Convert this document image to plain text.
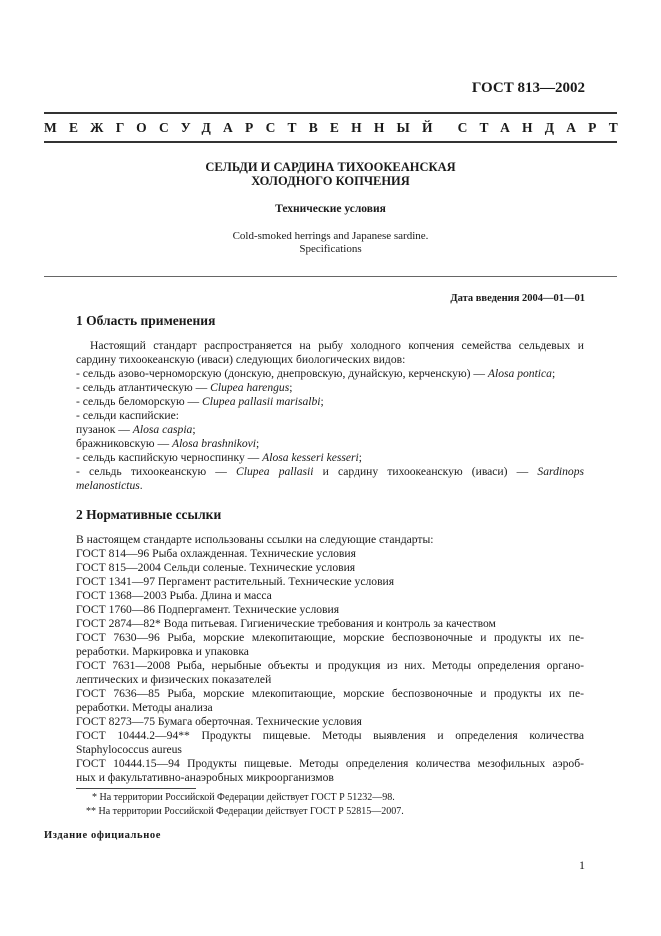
ГОСТ 813—2002
МЕЖГОСУДАРСТВЕННЫЙ СТАНДАРТ
СЕЛЬДИ И САРДИНА ТИХООКЕАНСКАЯ
ХОЛОДНОГО КОПЧЕНИЯ
Технические условия
Cold-smoked herrings and Japanese sardine.
Specifications
Дата введения 2004—01—01
1 Область применения
Настоящий стандарт распространяется на рыбу холодного копчения семейства сельдевых и
сардину тихоокеанскую (иваси) следующих биологических видов:
- сельдь азово-черноморскую (донскую, днепровскую, дунайскую, керченскую) — Alosa pontica;
- сельдь атлантическую — Clupea harengus;
- сельдь беломорскую — Clupea pallasii marisalbi;
- сельди каспийские:
пузанок — Alosa caspia;
бражниковскую — Alosa brashnikovi;
- сельдь каспийскую черноспинку — Alosa kesseri kesseri;
- сельдь тихоокеанскую — Clupea pallasii и сардину тихоокеанскую (иваси) — Sardinops
melanostictus.
2 Нормативные ссылки
В настоящем стандарте использованы ссылки на следующие стандарты:
ГОСТ 814—96 Рыба охлажденная. Технические условия
ГОСТ 815—2004 Сельди соленые. Технические условия
ГОСТ 1341—97 Пергамент растительный. Технические условия
ГОСТ 1368—2003 Рыба. Длина и масса
ГОСТ 1760—86 Подпергамент. Технические условия
ГОСТ 2874—82* Вода питьевая. Гигиенические требования и контроль за качеством
ГОСТ 7630—96 Рыба, морские млекопитающие, морские беспозвоночные и продукты их пе-
реработки. Маркировка и упаковка
ГОСТ 7631—2008 Рыба, нерыбные объекты и продукция из них. Методы определения органо-
лептических и физических показателей
ГОСТ 7636—85 Рыба, морские млекопитающие, морские беспозвоночные и продукты их пе-
реработки. Методы анализа
ГОСТ 8273—75 Бумага оберточная. Технические условия
ГОСТ 10444.2—94** Продукты пищевые. Методы выявления и определения количества
Staphylococcus aureus
ГОСТ 10444.15—94 Продукты пищевые. Методы определения количества мезофильных аэроб-
ных и факультативно-анаэробных микроорганизмов
* На территории Российской Федерации действует ГОСТ Р 51232—98.
** На территории Российской Федерации действует ГОСТ Р 52815—2007.
Издание официальное
1
